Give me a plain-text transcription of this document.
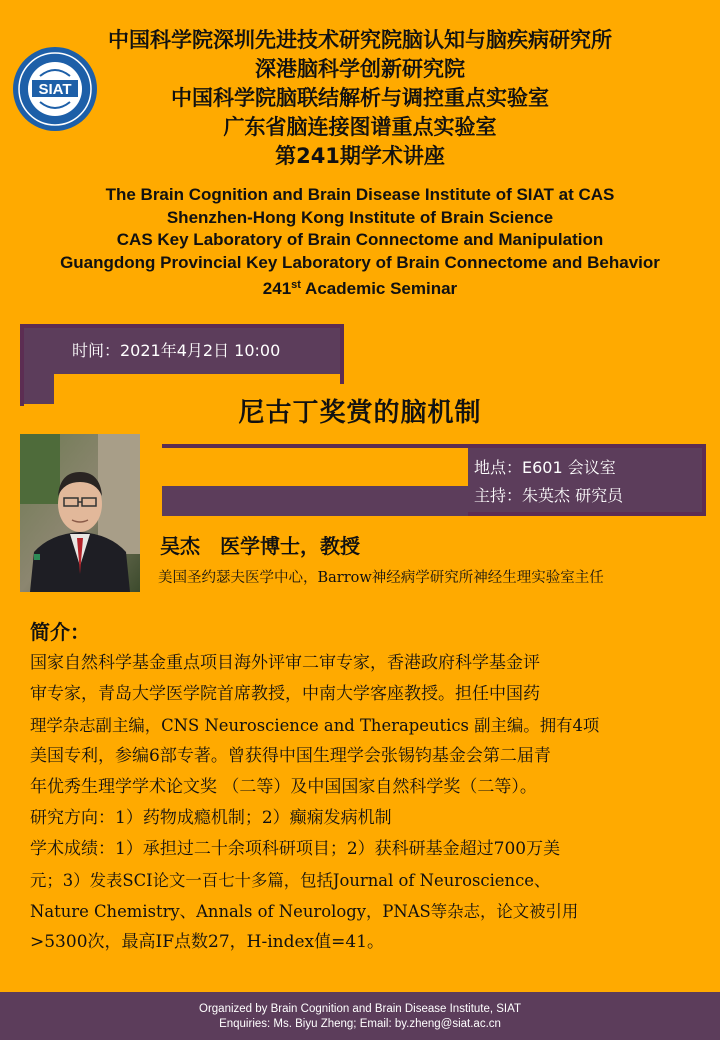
SIAT
中国科学院深圳先进技术研究院脑认知与脑疾病研究所
深港脑科学创新研究院
中国科学院脑联结解析与调控重点实验室
广东省脑连接图谱重点实验室
第241期学术讲座
The Brain Cognition and Brain Disease Institute of SIAT at CAS
Shenzhen-Hong Kong Institute of Brain Science
CAS Key Laboratory of Brain Connectome and Manipulation
Guangdong Provincial Key Laboratory of Brain Connectome and Behavior
241st Academic Seminar
时间：2021年4月2日 10:00
尼古丁奖赏的脑机制
地点：E601 会议室
主持：朱英杰 研究员
吴杰　医学博士，教授
美国圣约瑟夫医学中心，Barrow神经病学研究所神经生理实验室主任
简介：
国家自然科学基金重点项目海外评审二审专家，香港政府科学基金评
审专家，青岛大学医学院首席教授，中南大学客座教授。担任中国药
理学杂志副主编，CNS Neuroscience and Therapeutics 副主编。拥有4项
美国专利，参编6部专著。曾获得中国生理学会张锡钧基金会第二届青
年优秀生理学学术论文奖 （二等）及中国国家自然科学奖（二等）。
研究方向：1）药物成瘾机制；2）癫痫发病机制
学术成绩：1）承担过二十余项科研项目；2）获科研基金超过700万美
元；3）发表SCI论文一百七十多篇，包括Journal of Neuroscience、
Nature Chemistry、Annals of Neurology，PNAS等杂志，论文被引用
>5300次，最高IF点数27，H-index值=41。
Organized by Brain Cognition and Brain Disease Institute, SIAT
Enquiries: Ms. Biyu Zheng; Email: by.zheng@siat.ac.cn
